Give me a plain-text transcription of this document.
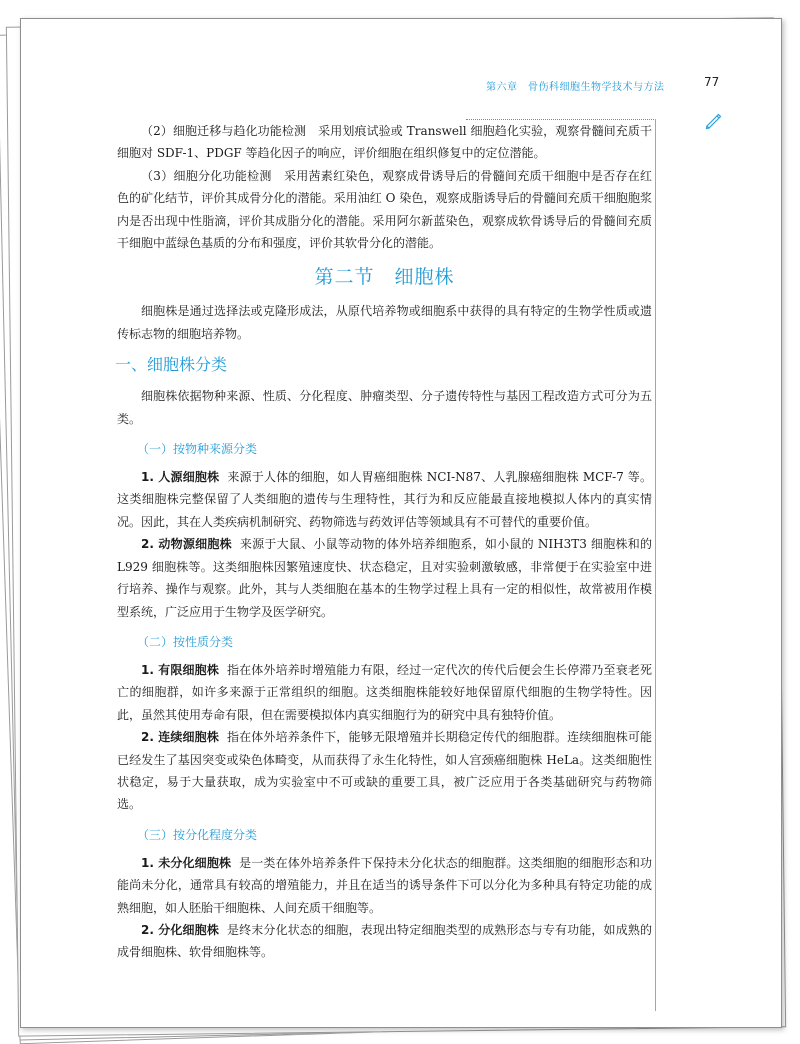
第六章　骨伤科细胞生物学技术与方法	77

（2）细胞迁移与趋化功能检测　采用划痕试验或 Transwell 细胞趋化实验，观察骨髓间充质干细胞对 SDF-1、PDGF 等趋化因子的响应，评价细胞在组织修复中的定位潜能。

（3）细胞分化功能检测　采用茜素红染色，观察成骨诱导后的骨髓间充质干细胞中是否存在红色的矿化结节，评价其成骨分化的潜能。采用油红 O 染色，观察成脂诱导后的骨髓间充质干细胞胞浆内是否出现中性脂滴，评价其成脂分化的潜能。采用阿尔新蓝染色，观察成软骨诱导后的骨髓间充质干细胞中蓝绿色基质的分布和强度，评价其软骨分化的潜能。

第二节　细胞株

细胞株是通过选择法或克隆形成法，从原代培养物或细胞系中获得的具有特定的生物学性质或遗传标志物的细胞培养物。

一、细胞株分类

细胞株依据物种来源、性质、分化程度、肿瘤类型、分子遗传特性与基因工程改造方式可分为五类。

（一）按物种来源分类

1. 人源细胞株 来源于人体的细胞，如人胃癌细胞株 NCI-N87、人乳腺癌细胞株 MCF-7 等。这类细胞株完整保留了人类细胞的遗传与生理特性，其行为和反应能最直接地模拟人体内的真实情况。因此，其在人类疾病机制研究、药物筛选与药效评估等领域具有不可替代的重要价值。

2. 动物源细胞株 来源于大鼠、小鼠等动物的体外培养细胞系，如小鼠的 NIH3T3 细胞株和的 L929 细胞株等。这类细胞株因繁殖速度快、状态稳定，且对实验刺激敏感，非常便于在实验室中进行培养、操作与观察。此外，其与人类细胞在基本的生物学过程上具有一定的相似性，故常被用作模型系统，广泛应用于生物学及医学研究。

（二）按性质分类

1. 有限细胞株 指在体外培养时增殖能力有限，经过一定代次的传代后便会生长停滞乃至衰老死亡的细胞群，如许多来源于正常组织的细胞。这类细胞株能较好地保留原代细胞的生物学特性。因此，虽然其使用寿命有限，但在需要模拟体内真实细胞行为的研究中具有独特价值。

2. 连续细胞株 指在体外培养条件下，能够无限增殖并长期稳定传代的细胞群。连续细胞株可能已经发生了基因突变或染色体畸变，从而获得了永生化特性，如人宫颈癌细胞株 HeLa。这类细胞性状稳定，易于大量获取，成为实验室中不可或缺的重要工具，被广泛应用于各类基础研究与药物筛选。

（三）按分化程度分类

1. 未分化细胞株 是一类在体外培养条件下保持未分化状态的细胞群。这类细胞的细胞形态和功能尚未分化，通常具有较高的增殖能力，并且在适当的诱导条件下可以分化为多种具有特定功能的成熟细胞，如人胚胎干细胞株、人间充质干细胞等。

2. 分化细胞株 是终末分化状态的细胞，表现出特定细胞类型的成熟形态与专有功能，如成熟的成骨细胞株、软骨细胞株等。
